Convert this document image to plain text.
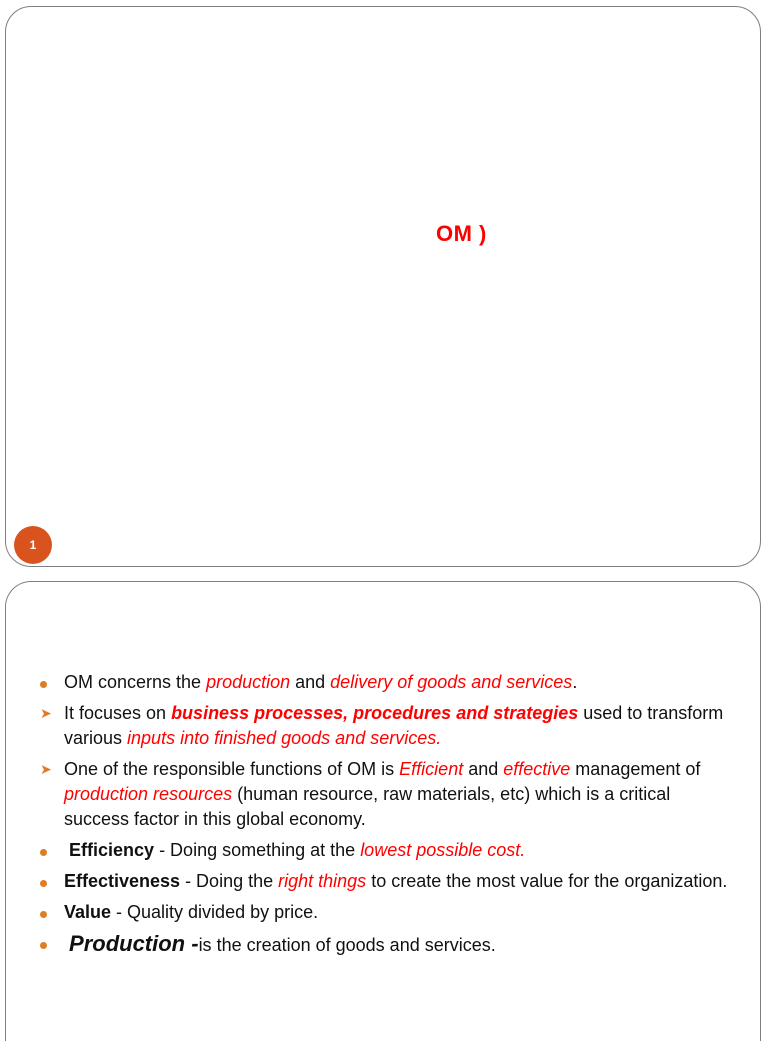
OM )
1
OM concerns the production and delivery of goods and services.
➤ It focuses on business processes, procedures and strategies used to transform various inputs into finished goods and services.
➤ One of the responsible functions of OM is Efficient and effective management of production resources (human resource, raw materials, etc) which is a critical success factor in this global economy.
Efficiency - Doing something at the lowest possible cost.
Effectiveness - Doing the right things to create the most value for the organization.
Value - Quality divided by price.
Production -is the creation of goods and services.
